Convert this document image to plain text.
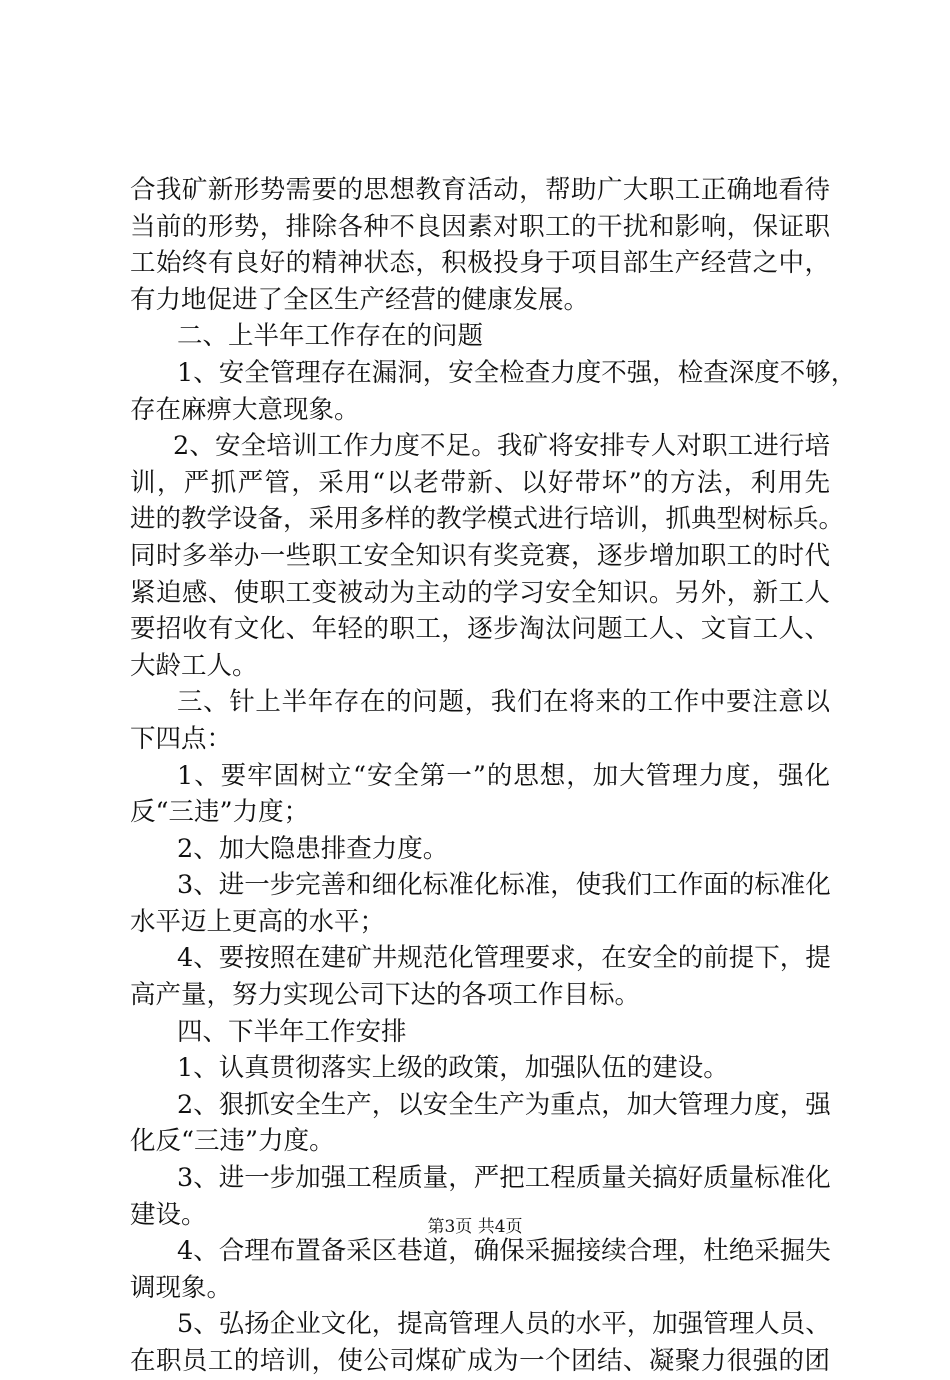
合我矿新形势需要的思想教育活动，帮助广大职工正确地看待
当前的形势，排除各种不良因素对职工的干扰和影响，保证职
工始终有良好的精神状态，积极投身于项目部生产经营之中，
有力地促进了全区生产经营的健康发展。
二、上半年工作存在的问题
1、安全管理存在漏洞，安全检查力度不强，检查深度不够，
存在麻痹大意现象。
2、安全培训工作力度不足。我矿将安排专人对职工进行培
训，严抓严管，采用“以老带新、以好带坏”的方法，利用先
进的教学设备，采用多样的教学模式进行培训，抓典型树标兵。
同时多举办一些职工安全知识有奖竞赛，逐步增加职工的时代
紧迫感、使职工变被动为主动的学习安全知识。另外，新工人
要招收有文化、年轻的职工，逐步淘汰问题工人、文盲工人、
大龄工人。
三、针上半年存在的问题，我们在将来的工作中要注意以
下四点：
1、要牢固树立“安全第一”的思想，加大管理力度，强化
反“三违”力度；
2、加大隐患排查力度。
3、进一步完善和细化标准化标准，使我们工作面的标准化
水平迈上更高的水平；
4、要按照在建矿井规范化管理要求，在安全的前提下，提
高产量，努力实现公司下达的各项工作目标。
四、下半年工作安排
1、认真贯彻落实上级的政策，加强队伍的建设。
2、狠抓安全生产，以安全生产为重点，加大管理力度，强
化反“三违”力度。
3、进一步加强工程质量，严把工程质量关搞好质量标准化
建设。
4、合理布置备采区巷道，确保采掘接续合理，杜绝采掘失
调现象。
5、弘扬企业文化，提高管理人员的水平，加强管理人员、
在职员工的培训，使公司煤矿成为一个团结、凝聚力很强的团
第3页 共4页
